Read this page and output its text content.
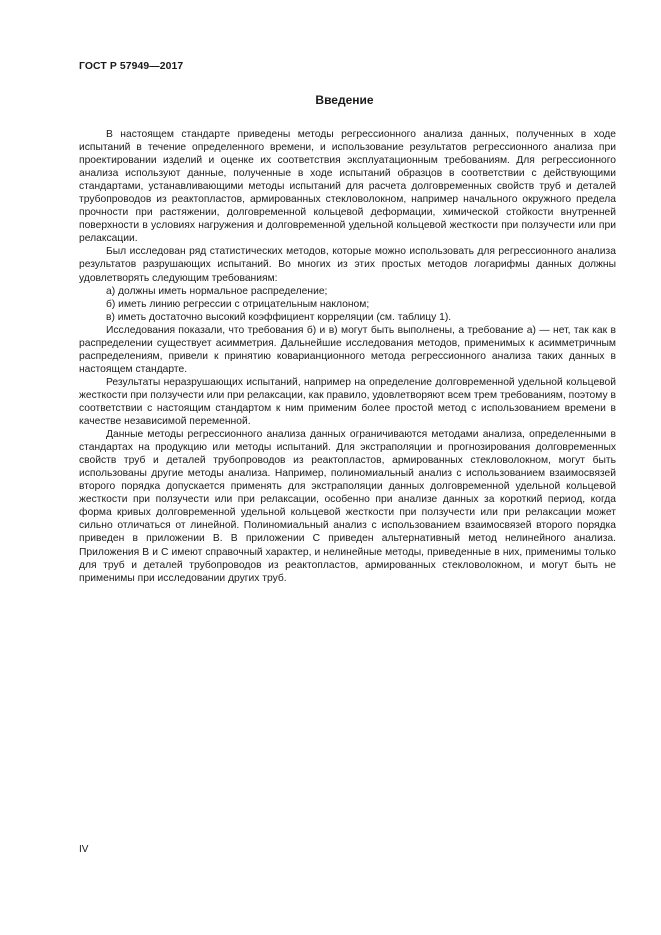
ГОСТ Р 57949—2017
Введение

В настоящем стандарте приведены методы регрессионного анализа данных, полученных в ходе испытаний в течение определенного времени, и использование результатов регрессионного анализа при проектировании изделий и оценке их соответствия эксплуатационным требованиям. Для регрессионного анализа используют данные, полученные в ходе испытаний образцов в соответствии с действующими стандартами, устанавливающими методы испытаний для расчета долговременных свойств труб и деталей трубопроводов из реактопластов, армированных стекловолокном, например начального окружного предела прочности при растяжении, долговременной кольцевой деформации, химической стойкости внутренней поверхности в условиях нагружения и долговременной удельной кольцевой жесткости при ползучести или при релаксации.

Был исследован ряд статистических методов, которые можно использовать для регрессионного анализа результатов разрушающих испытаний. Во многих из этих простых методов логарифмы данных должны удовлетворять следующим требованиям:

а) должны иметь нормальное распределение;

б) иметь линию регрессии с отрицательным наклоном;

в) иметь достаточно высокий коэффициент корреляции (см. таблицу 1).

Исследования показали, что требования б) и в) могут быть выполнены, а требование а) — нет, так как в распределении существует асимметрия. Дальнейшие исследования методов, применимых к асимметричным распределениям, привели к принятию коварианционного метода регрессионного анализа таких данных в настоящем стандарте.

Результаты неразрушающих испытаний, например на определение долговременной удельной кольцевой жесткости при ползучести или при релаксации, как правило, удовлетворяют всем трем требованиям, поэтому в соответствии с настоящим стандартом к ним применим более простой метод с использованием времени в качестве независимой переменной.

Данные методы регрессионного анализа данных ограничиваются методами анализа, определенными в стандартах на продукцию или методы испытаний. Для экстраполяции и прогнозирования долговременных свойств труб и деталей трубопроводов из реактопластов, армированных стекловолокном, могут быть использованы другие методы анализа. Например, полиномиальный анализ с использованием взаимосвязей второго порядка допускается применять для экстраполяции данных долговременной удельной кольцевой жесткости при ползучести или при релаксации, особенно при анализе данных за короткий период, когда форма кривых долговременной удельной кольцевой жесткости при ползучести или при релаксации может сильно отличаться от линейной. Полиномиальный анализ с использованием взаимосвязей второго порядка приведен в приложении В. В приложении С приведен альтернативный метод нелинейного анализа. Приложения В и С имеют справочный характер, и нелинейные методы, приведенные в них, применимы только для труб и деталей трубопроводов из реактопластов, армированных стекловолокном, и могут быть не применимы при исследовании других труб.

IV
